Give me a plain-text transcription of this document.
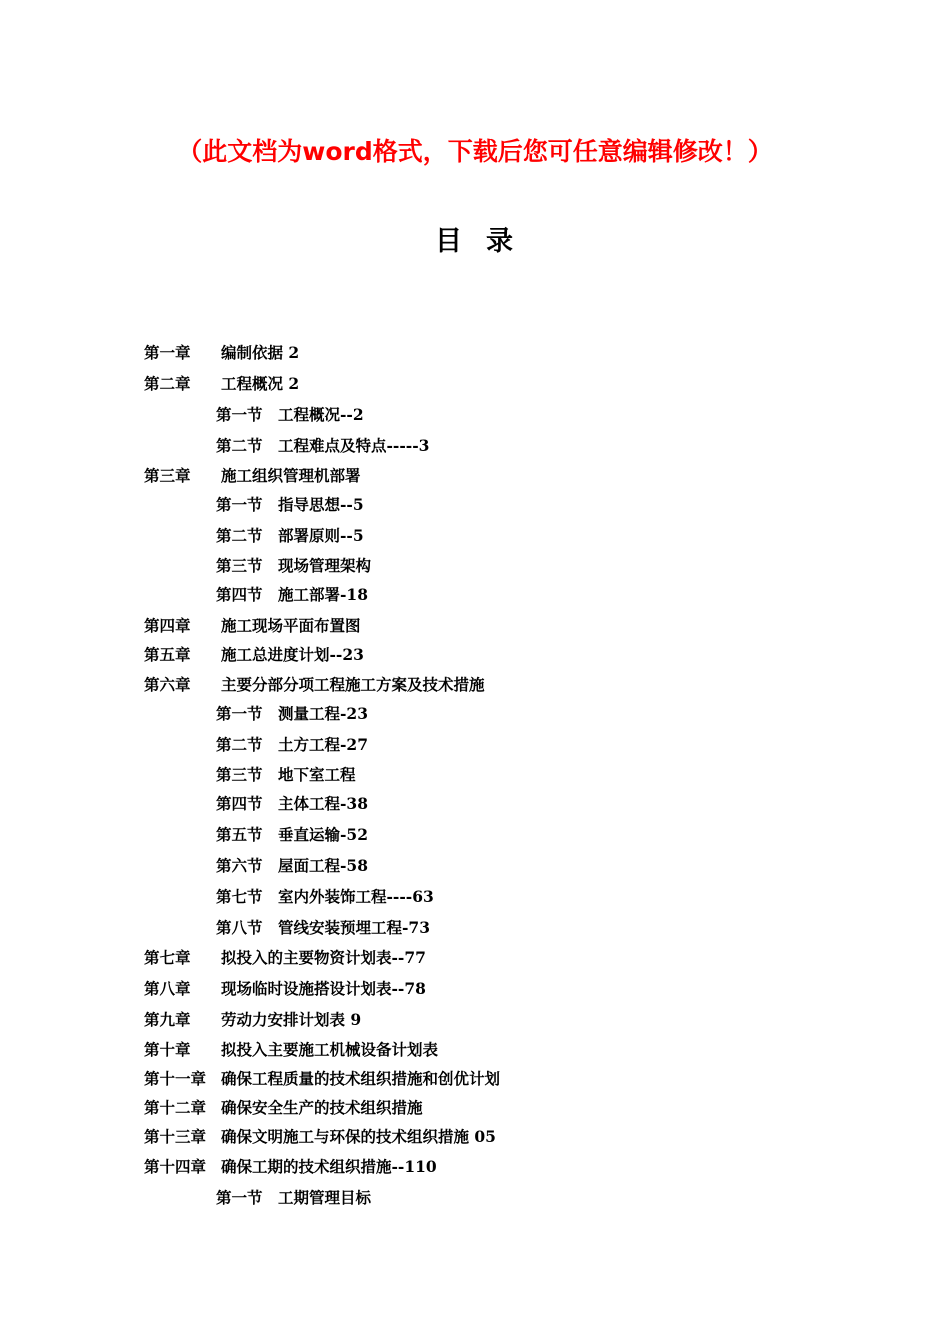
（此文档为word格式，下载后您可任意编辑修改！）
目 录
第一章 编制依据 2
第二章 工程概况 2
第一节 工程概况--2
第二节 工程难点及特点-----3
第三章 施工组织管理机部署
第一节 指导思想--5
第二节 部署原则--5
第三节 现场管理架构
第四节 施工部署-18
第四章 施工现场平面布置图
第五章 施工总进度计划--23
第六章 主要分部分项工程施工方案及技术措施
第一节 测量工程-23
第二节 土方工程-27
第三节 地下室工程
第四节 主体工程-38
第五节 垂直运输-52
第六节 屋面工程-58
第七节 室内外装饰工程----63
第八节 管线安装预埋工程-73
第七章 拟投入的主要物资计划表--77
第八章 现场临时设施搭设计划表--78
第九章 劳动力安排计划表 9
第十章 拟投入主要施工机械设备计划表
第十一章 确保工程质量的技术组织措施和创优计划
第十二章 确保安全生产的技术组织措施
第十三章 确保文明施工与环保的技术组织措施 05
第十四章 确保工期的技术组织措施--110
第一节 工期管理目标
